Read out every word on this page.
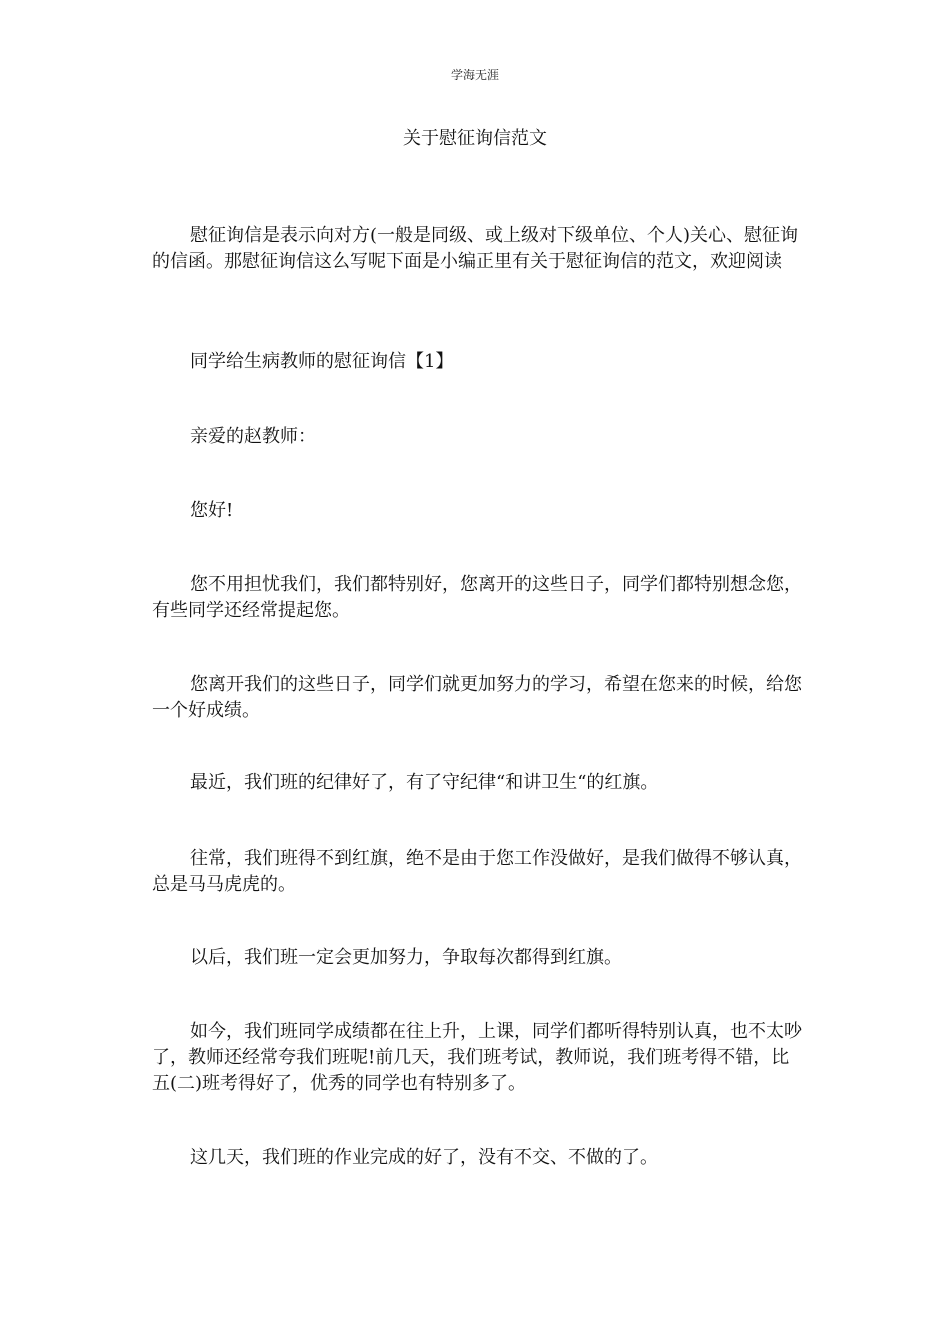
学海无涯
关于慰征询信范文

慰征询信是表示向对方(一般是同级、或上级对下级单位、个人)关心、慰征询的信函。那慰征询信这么写呢下面是小编正里有关于慰征询信的范文，欢迎阅读

同学给生病教师的慰征询信【1】

亲爱的赵教师：

您好!

您不用担忧我们，我们都特别好，您离开的这些日子，同学们都特别想念您，有些同学还经常提起您。

您离开我们的这些日子，同学们就更加努力的学习，希望在您来的时候，给您一个好成绩。

最近，我们班的纪律好了，有了守纪律“和讲卫生“的红旗。

往常，我们班得不到红旗，绝不是由于您工作没做好，是我们做得不够认真，总是马马虎虎的。

以后，我们班一定会更加努力，争取每次都得到红旗。

如今，我们班同学成绩都在往上升，上课，同学们都听得特别认真，也不太吵了，教师还经常夸我们班呢!前几天，我们班考试，教师说，我们班考得不错，比五(二)班考得好了，优秀的同学也有特别多了。

这几天，我们班的作业完成的好了，没有不交、不做的了。
